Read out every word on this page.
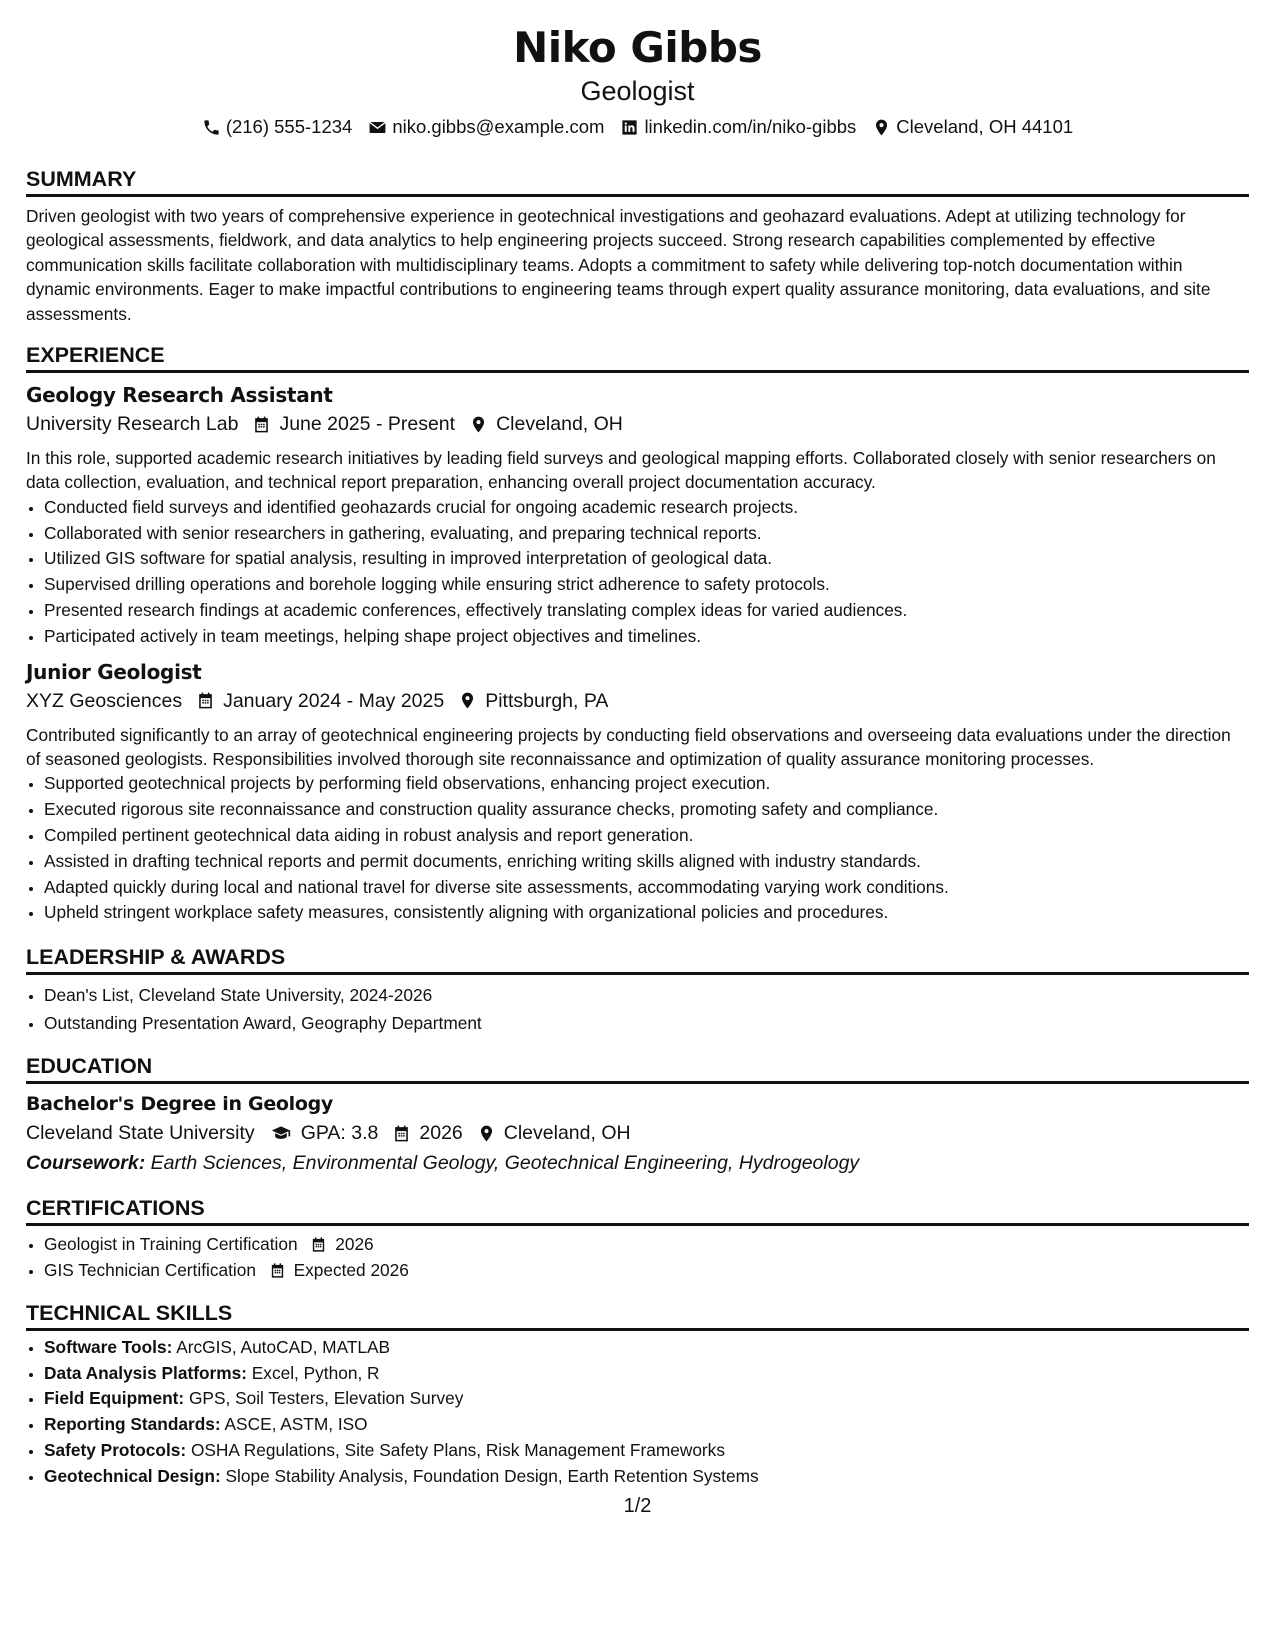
Niko Gibbs
Geologist
(216) 555-1234 niko.gibbs@example.com linkedin.com/in/niko-gibbs Cleveland, OH 44101
SUMMARY
Driven geologist with two years of comprehensive experience in geotechnical investigations and geohazard evaluations. Adept at utilizing technology for geological assessments, fieldwork, and data analytics to help engineering projects succeed. Strong research capabilities complemented by effective communication skills facilitate collaboration with multidisciplinary teams. Adopts a commitment to safety while delivering top-notch documentation within dynamic environments. Eager to make impactful contributions to engineering teams through expert quality assurance monitoring, data evaluations, and site assessments.
EXPERIENCE
Geology Research Assistant
University Research Lab June 2025 - Present Cleveland, OH
In this role, supported academic research initiatives by leading field surveys and geological mapping efforts. Collaborated closely with senior researchers on data collection, evaluation, and technical report preparation, enhancing overall project documentation accuracy.
• Conducted field surveys and identified geohazards crucial for ongoing academic research projects.
• Collaborated with senior researchers in gathering, evaluating, and preparing technical reports.
• Utilized GIS software for spatial analysis, resulting in improved interpretation of geological data.
• Supervised drilling operations and borehole logging while ensuring strict adherence to safety protocols.
• Presented research findings at academic conferences, effectively translating complex ideas for varied audiences.
• Participated actively in team meetings, helping shape project objectives and timelines.
Junior Geologist
XYZ Geosciences January 2024 - May 2025 Pittsburgh, PA
Contributed significantly to an array of geotechnical engineering projects by conducting field observations and overseeing data evaluations under the direction of seasoned geologists. Responsibilities involved thorough site reconnaissance and optimization of quality assurance monitoring processes.
• Supported geotechnical projects by performing field observations, enhancing project execution.
• Executed rigorous site reconnaissance and construction quality assurance checks, promoting safety and compliance.
• Compiled pertinent geotechnical data aiding in robust analysis and report generation.
• Assisted in drafting technical reports and permit documents, enriching writing skills aligned with industry standards.
• Adapted quickly during local and national travel for diverse site assessments, accommodating varying work conditions.
• Upheld stringent workplace safety measures, consistently aligning with organizational policies and procedures.
LEADERSHIP & AWARDS
• Dean's List, Cleveland State University, 2024-2026
• Outstanding Presentation Award, Geography Department
EDUCATION
Bachelor's Degree in Geology
Cleveland State University GPA: 3.8 2026 Cleveland, OH
Coursework: Earth Sciences, Environmental Geology, Geotechnical Engineering, Hydrogeology
CERTIFICATIONS
• Geologist in Training Certification 2026
• GIS Technician Certification Expected 2026
TECHNICAL SKILLS
• Software Tools: ArcGIS, AutoCAD, MATLAB
• Data Analysis Platforms: Excel, Python, R
• Field Equipment: GPS, Soil Testers, Elevation Survey
• Reporting Standards: ASCE, ASTM, ISO
• Safety Protocols: OSHA Regulations, Site Safety Plans, Risk Management Frameworks
• Geotechnical Design: Slope Stability Analysis, Foundation Design, Earth Retention Systems
1/2
